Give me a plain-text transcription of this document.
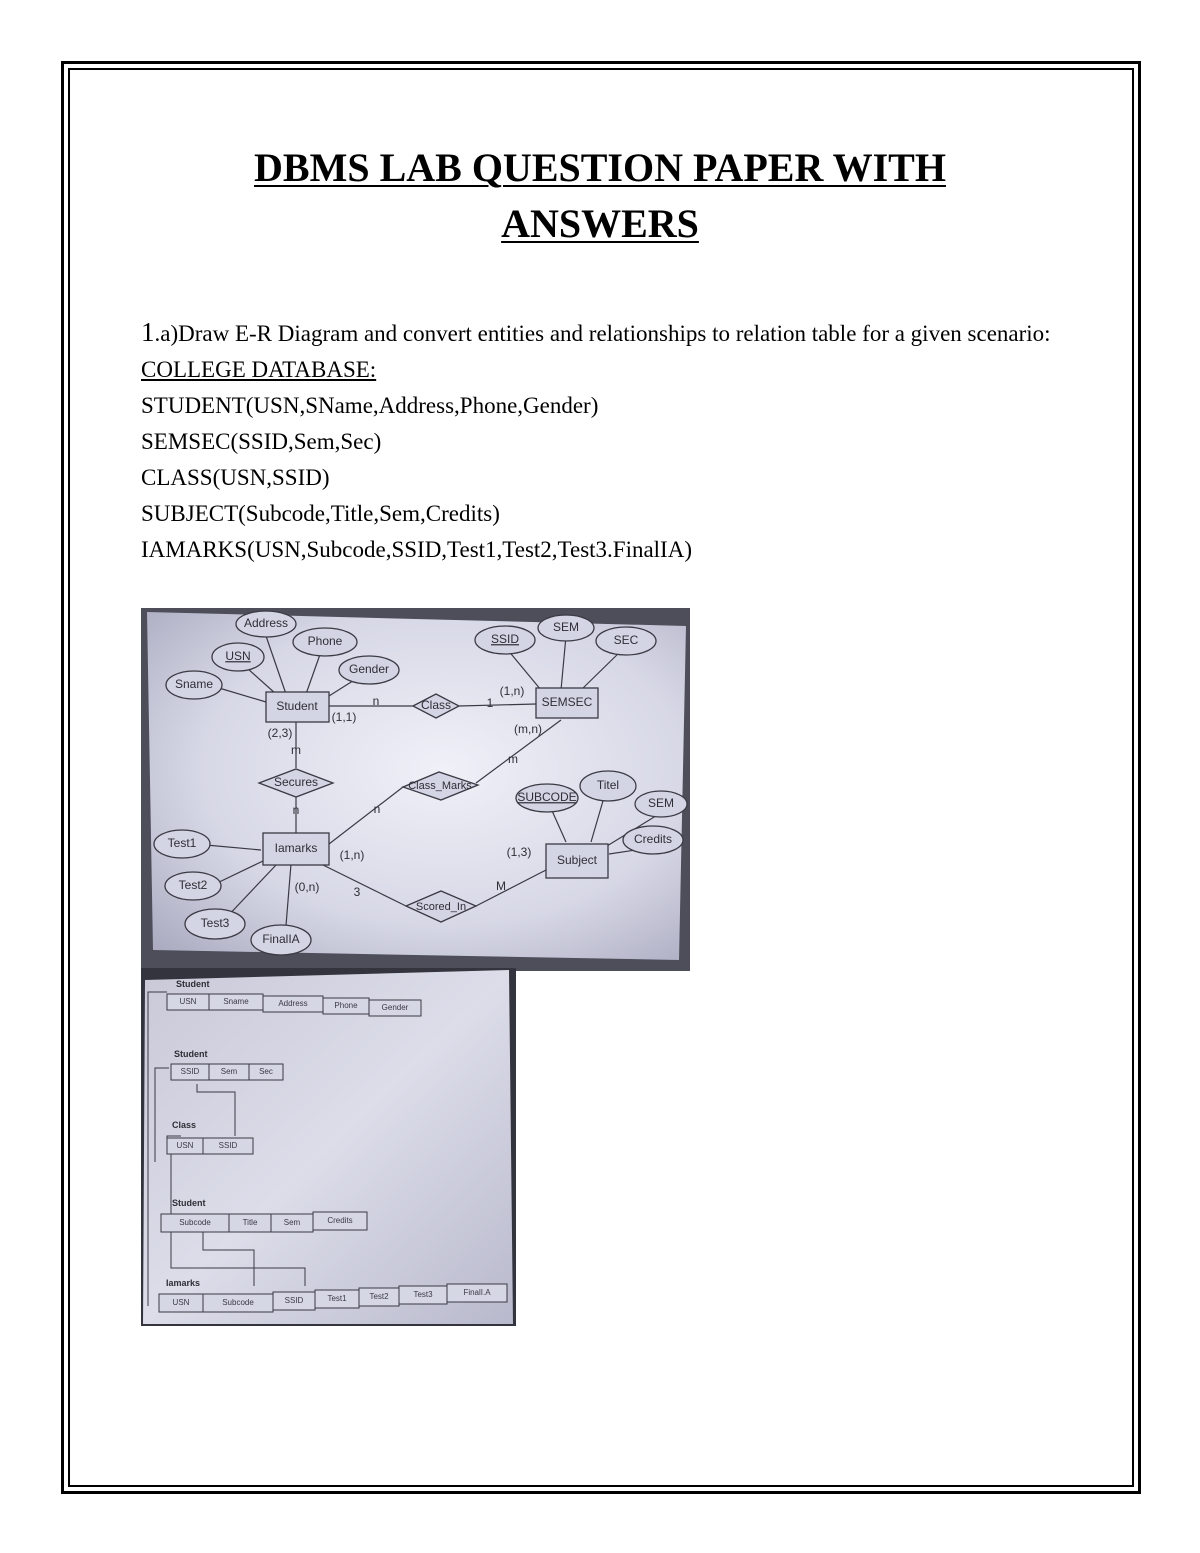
DBMS LAB QUESTION PAPER WITH
ANSWERS

1.a)Draw E-R Diagram and convert entities and relationships to relation table for a given scenario:

COLLEGE DATABASE:

STUDENT(USN,SName,Address,Phone,Gender)

SEMSEC(SSID,Sem,Sec)

CLASS(USN,SSID)

SUBJECT(Subcode,Title,Sem,Credits)

IAMARKS(USN,Subcode,SSID,Test1,Test2,Test3.FinalIA)

Sname
USN
Address
Phone
Gender
SSID
SEM
SEC
SUBCODE
Titel
SEM
Credits
Test1
Test2
Test3
FinalIA
Student	SEMSEC
Iamarks
Subject
Class
Secures	Class_Marks
Scored_In
(1,1)
n	1
(1,n)
(2,3)
m
n
(m,n)
m
n
(1,n)
(0,n)	3
(1,3)
M
Student
Student
Class
Student
Iamarks
USN	Sname	Address	Phone	Gender
SSID	Sem	Sec
USN	SSID
Subcode	Title	Sem	Credits
USN	Subcode	SSID	Test1	Test2	Test3	FinalI.A
